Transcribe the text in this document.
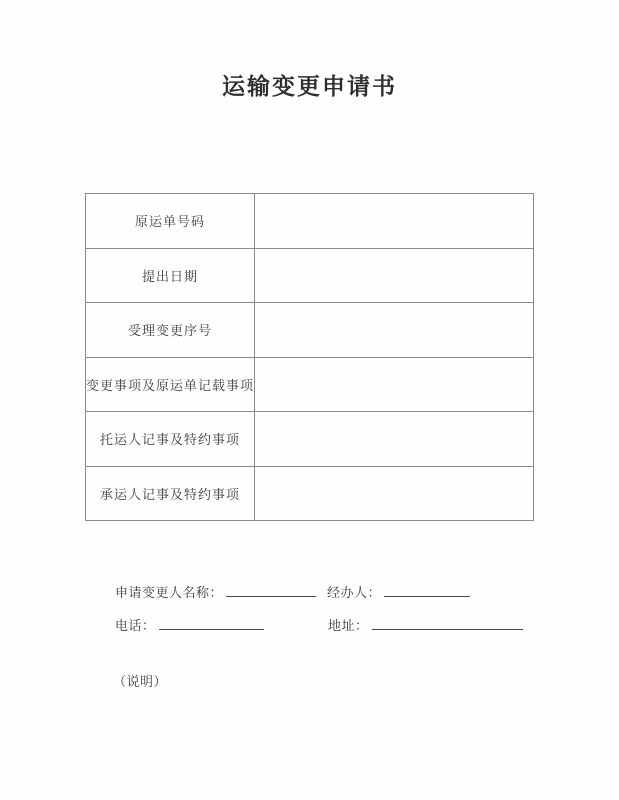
运输变更申请书
原运单号码	
提出日期	
受理变更序号	
变更事项及原运单记载事项	
托运人记事及特约事项	
承运人记事及特约事项	
申请变更人名称：	经办人：
电话：	地址：
（说明）
